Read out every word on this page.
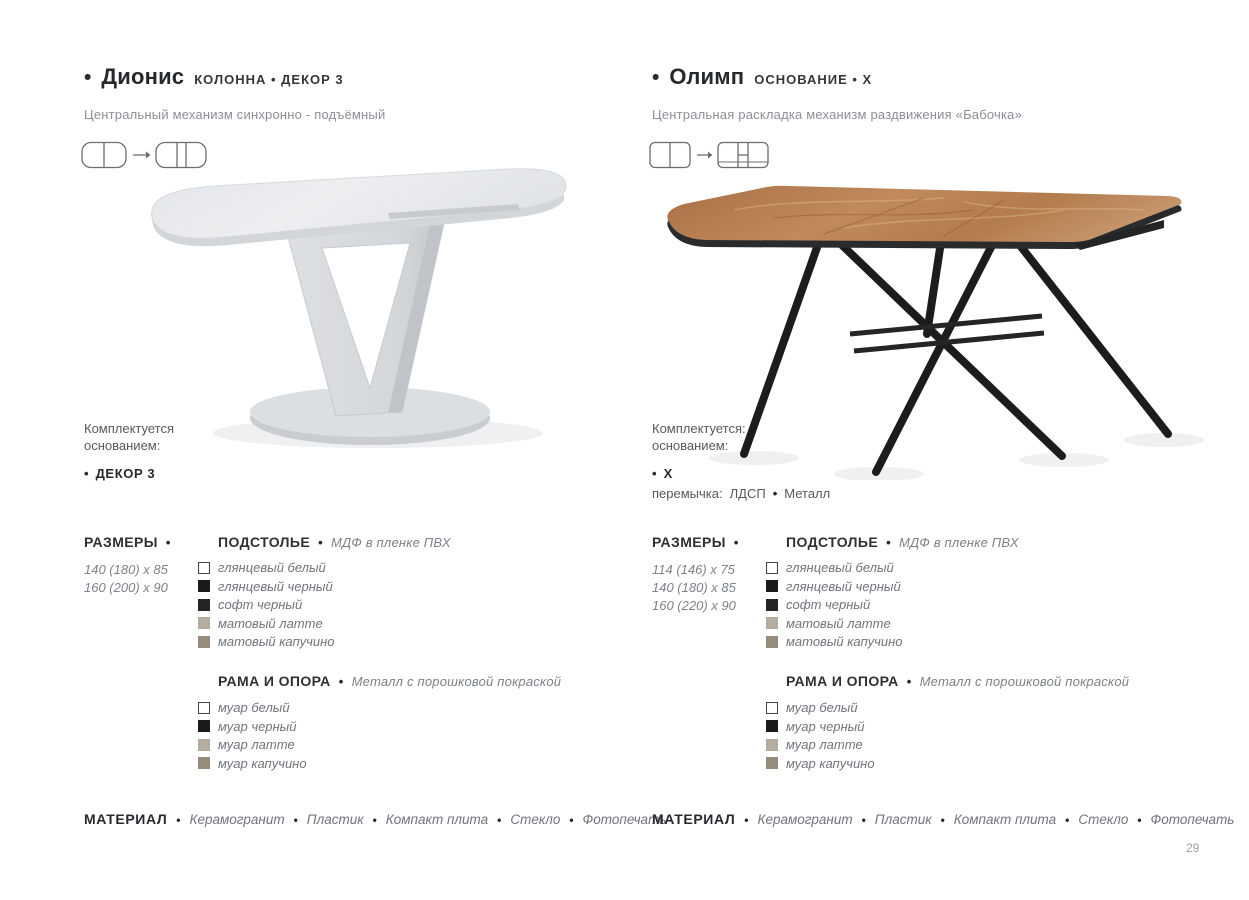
• Дионис КОЛОННА • ДЕКОР 3
Центральный механизм синхронно - подъёмный
Комплектуется
основанием:
• ДЕКОР 3
РАЗМЕРЫ •	ПОДСТОЛЬЕ • МДФ в пленке ПВХ
140 (180) x 85
160 (200) x 90
глянцевый белый
глянцевый черный
софт черный
матовый латте
матовый капучино
РАМА И ОПОРА • Металл с порошковой покраской
муар белый
муар черный
муар латте
муар капучино
МАТЕРИАЛ • Керамогранит • Пластик • Компакт плита • Стекло • Фотопечать
• Олимп ОСНОВАНИЕ • Х
Центральная раскладка механизм раздвижения «Бабочка»
Комплектуется:
основанием:
• Х
перемычка: ЛДСП • Металл
РАЗМЕРЫ •	ПОДСТОЛЬЕ • МДФ в пленке ПВХ
114 (146) x 75
140 (180) x 85
160 (220) x 90
глянцевый белый
глянцевый черный
софт черный
матовый латте
матовый капучино
РАМА И ОПОРА • Металл с порошковой покраской
муар белый
муар черный
муар латте
муар капучино
МАТЕРИАЛ • Керамогранит • Пластик • Компакт плита • Стекло • Фотопечать
29
